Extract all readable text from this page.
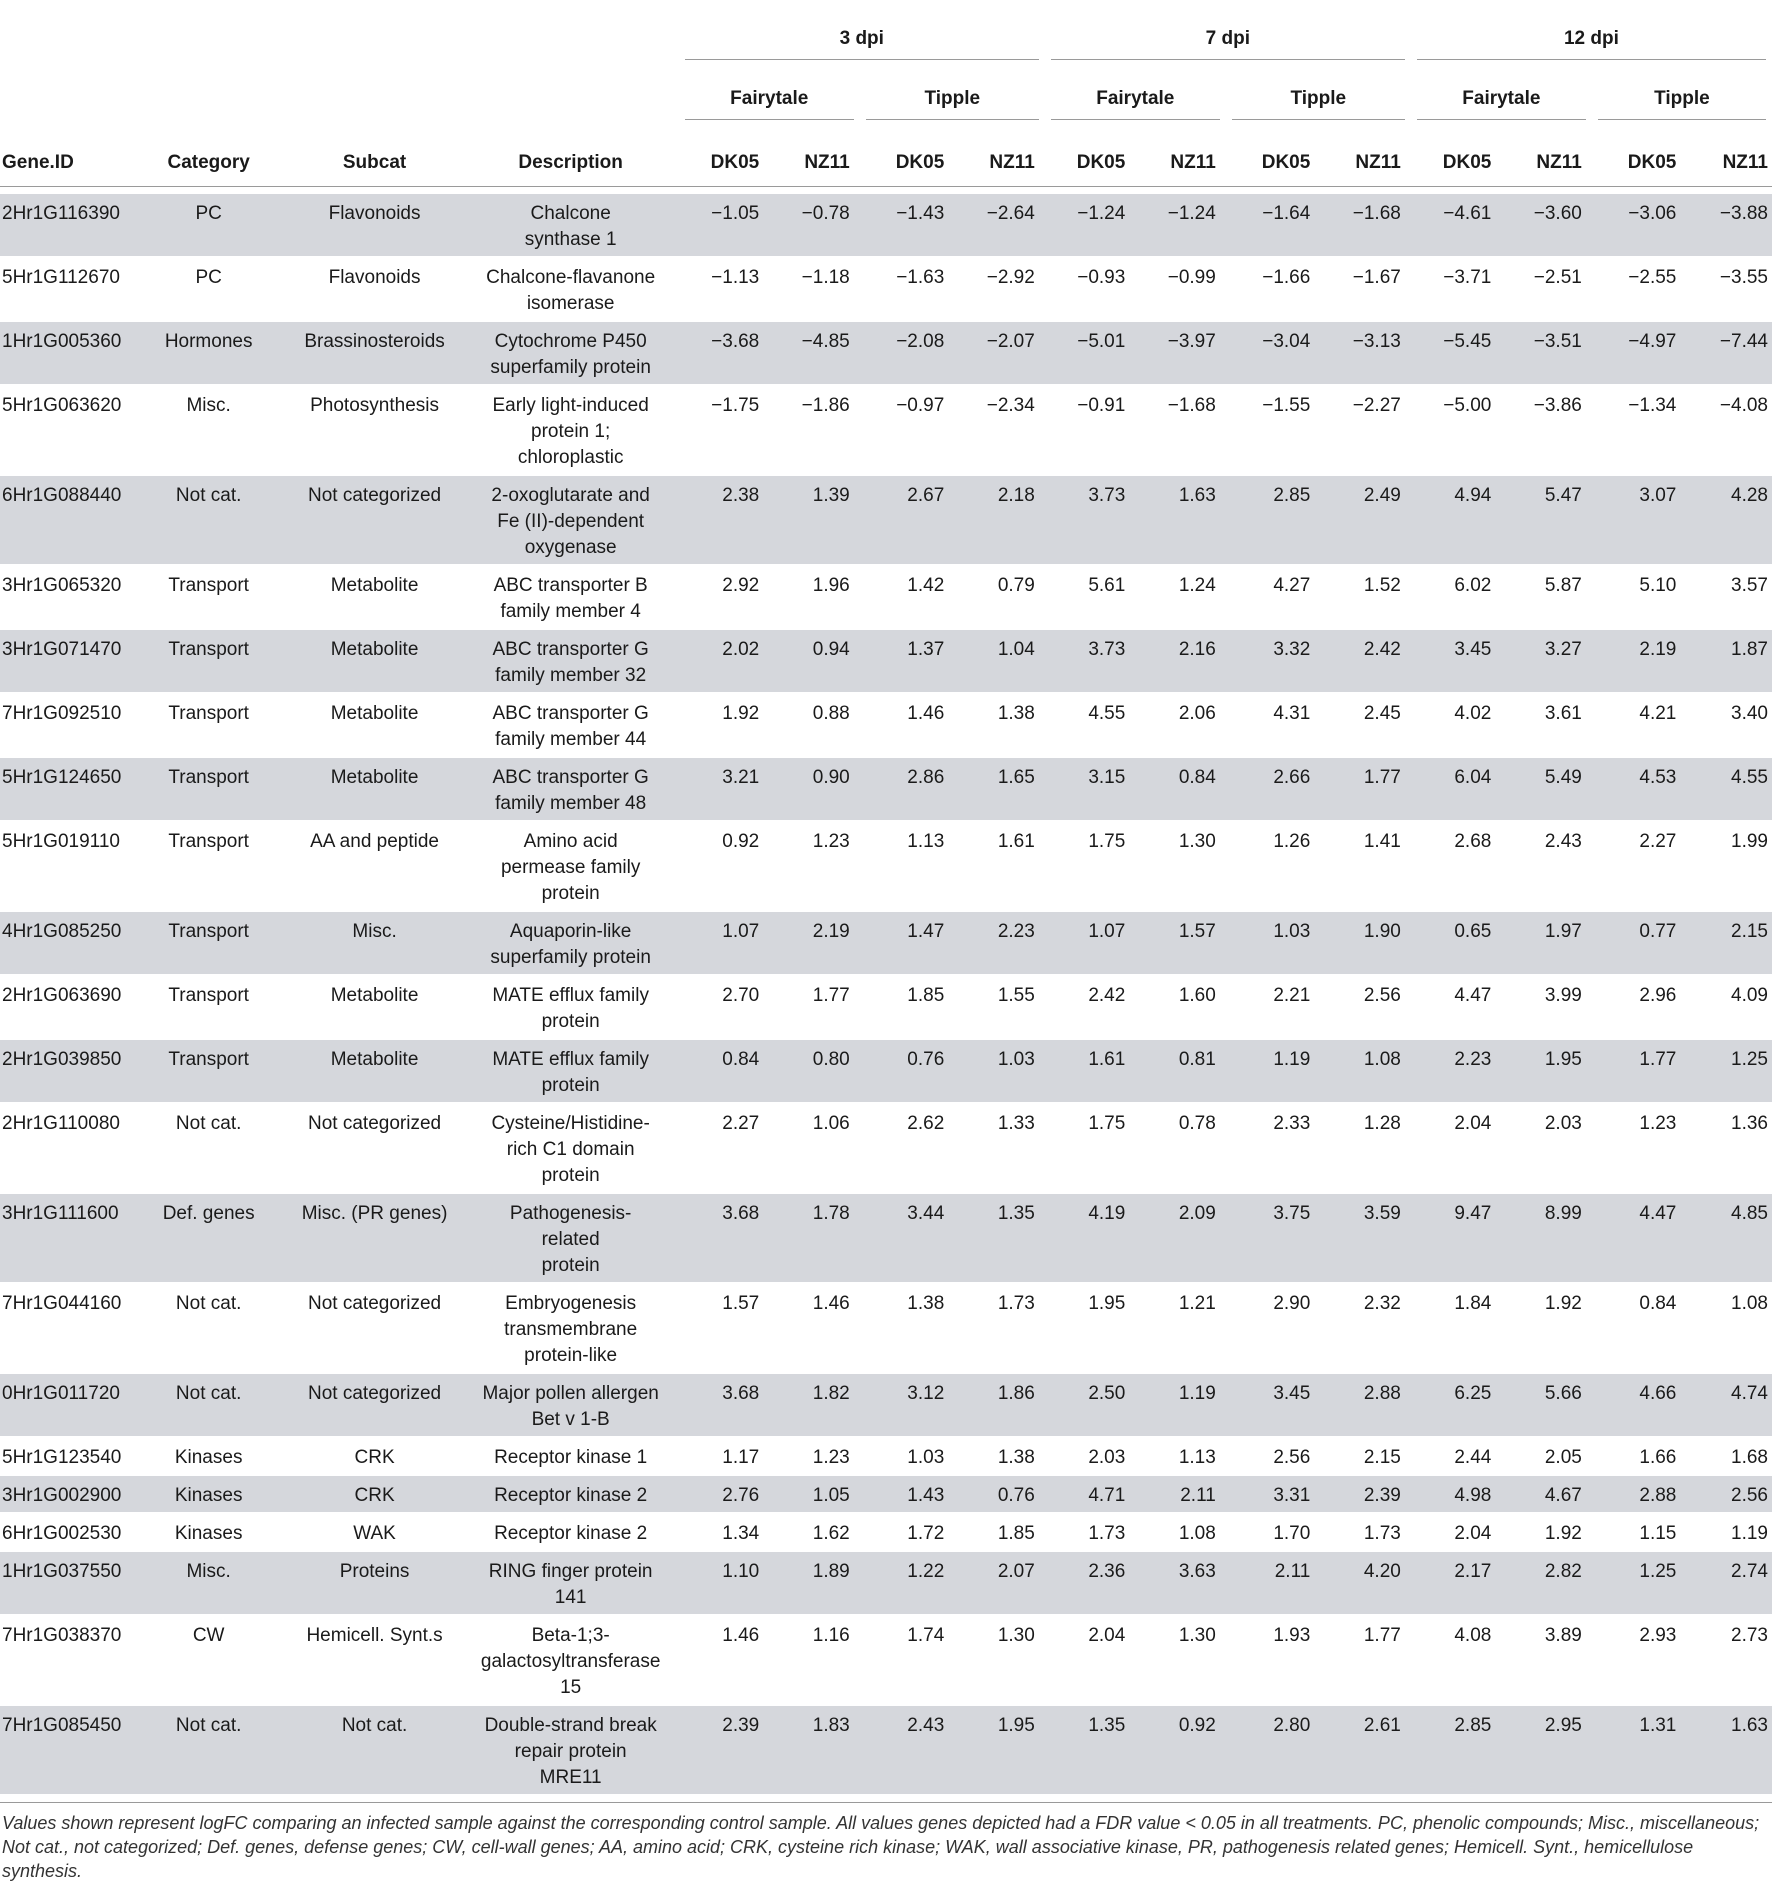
				3 dpi				7 dpi				12 dpi			
				Fairytale		Tipple		Fairytale		Tipple		Fairytale		Tipple	
Gene.ID	Category	Subcat	Description	DK05	NZ11	DK05	NZ11	DK05	NZ11	DK05	NZ11	DK05	NZ11	DK05	NZ11

2Hr1G116390	PC	Flavonoids	Chalcone
synthase 1	−1.05	−0.78	−1.43	−2.64	−1.24	−1.24	−1.64	−1.68	−4.61	−3.60	−3.06	−3.88
5Hr1G112670	PC	Flavonoids	Chalcone-flavanone
isomerase	−1.13	−1.18	−1.63	−2.92	−0.93	−0.99	−1.66	−1.67	−3.71	−2.51	−2.55	−3.55
1Hr1G005360	Hormones	Brassinosteroids	Cytochrome P450
superfamily protein	−3.68	−4.85	−2.08	−2.07	−5.01	−3.97	−3.04	−3.13	−5.45	−3.51	−4.97	−7.44
5Hr1G063620	Misc.	Photosynthesis	Early light-induced
protein 1;
chloroplastic	−1.75	−1.86	−0.97	−2.34	−0.91	−1.68	−1.55	−2.27	−5.00	−3.86	−1.34	−4.08
6Hr1G088440	Not cat.	Not categorized	2-oxoglutarate and
Fe (II)-dependent
oxygenase	2.38	1.39	2.67	2.18	3.73	1.63	2.85	2.49	4.94	5.47	3.07	4.28
3Hr1G065320	Transport	Metabolite	ABC transporter B
family member 4	2.92	1.96	1.42	0.79	5.61	1.24	4.27	1.52	6.02	5.87	5.10	3.57
3Hr1G071470	Transport	Metabolite	ABC transporter G
family member 32	2.02	0.94	1.37	1.04	3.73	2.16	3.32	2.42	3.45	3.27	2.19	1.87
7Hr1G092510	Transport	Metabolite	ABC transporter G
family member 44	1.92	0.88	1.46	1.38	4.55	2.06	4.31	2.45	4.02	3.61	4.21	3.40
5Hr1G124650	Transport	Metabolite	ABC transporter G
family member 48	3.21	0.90	2.86	1.65	3.15	0.84	2.66	1.77	6.04	5.49	4.53	4.55
5Hr1G019110	Transport	AA and peptide	Amino acid
permease family
protein	0.92	1.23	1.13	1.61	1.75	1.30	1.26	1.41	2.68	2.43	2.27	1.99
4Hr1G085250	Transport	Misc.	Aquaporin-like
superfamily protein	1.07	2.19	1.47	2.23	1.07	1.57	1.03	1.90	0.65	1.97	0.77	2.15
2Hr1G063690	Transport	Metabolite	MATE efflux family
protein	2.70	1.77	1.85	1.55	2.42	1.60	2.21	2.56	4.47	3.99	2.96	4.09
2Hr1G039850	Transport	Metabolite	MATE efflux family
protein	0.84	0.80	0.76	1.03	1.61	0.81	1.19	1.08	2.23	1.95	1.77	1.25
2Hr1G110080	Not cat.	Not categorized	Cysteine/Histidine-
rich C1 domain
protein	2.27	1.06	2.62	1.33	1.75	0.78	2.33	1.28	2.04	2.03	1.23	1.36
3Hr1G111600	Def. genes	Misc. (PR genes)	Pathogenesis-
related
protein	3.68	1.78	3.44	1.35	4.19	2.09	3.75	3.59	9.47	8.99	4.47	4.85
7Hr1G044160	Not cat.	Not categorized	Embryogenesis
transmembrane
protein-like	1.57	1.46	1.38	1.73	1.95	1.21	2.90	2.32	1.84	1.92	0.84	1.08
0Hr1G011720	Not cat.	Not categorized	Major pollen allergen
Bet v 1-B	3.68	1.82	3.12	1.86	2.50	1.19	3.45	2.88	6.25	5.66	4.66	4.74
5Hr1G123540	Kinases	CRK	Receptor kinase 1	1.17	1.23	1.03	1.38	2.03	1.13	2.56	2.15	2.44	2.05	1.66	1.68
3Hr1G002900	Kinases	CRK	Receptor kinase 2	2.76	1.05	1.43	0.76	4.71	2.11	3.31	2.39	4.98	4.67	2.88	2.56
6Hr1G002530	Kinases	WAK	Receptor kinase 2	1.34	1.62	1.72	1.85	1.73	1.08	1.70	1.73	2.04	1.92	1.15	1.19
1Hr1G037550	Misc.	Proteins	RING finger protein
141	1.10	1.89	1.22	2.07	2.36	3.63	2.11	4.20	2.17	2.82	1.25	2.74
7Hr1G038370	CW	Hemicell. Synt.s	Beta-1;3-
galactosyltransferase
15	1.46	1.16	1.74	1.30	2.04	1.30	1.93	1.77	4.08	3.89	2.93	2.73
7Hr1G085450	Not cat.	Not cat.	Double-strand break
repair protein
MRE11	2.39	1.83	2.43	1.95	1.35	0.92	2.80	2.61	2.85	2.95	1.31	1.63

Values shown represent logFC comparing an infected sample against the corresponding control sample. All values genes depicted had a FDR value < 0.05 in all treatments. PC, phenolic compounds; Misc., miscellaneous; Not cat., not categorized; Def. genes, defense genes; CW, cell-wall genes; AA, amino acid; CRK, cysteine rich kinase; WAK, wall associative kinase, PR, pathogenesis related genes; Hemicell. Synt., hemicellulose synthesis.
